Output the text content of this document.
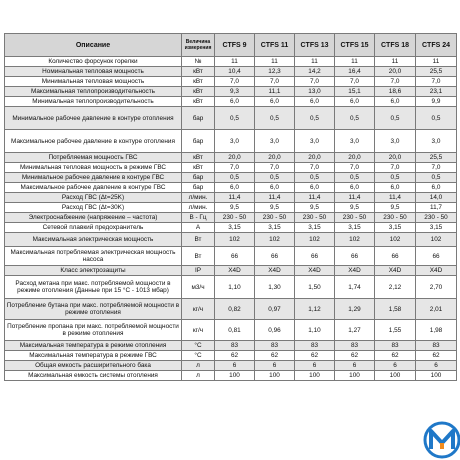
Описание	Величина измерения	CTFS 9	CTFS 11	CTFS 13	CTFS 15	CTFS 18	CTFS 24
Количество форсунок горелки	№	11	11	11	11	11	11
Номинальная тепловая мощность	кВт	10,4	12,3	14,2	16,4	20,0	25,5
Минимальная тепловая мощность	кВт	7,0	7,0	7,0	7,0	7,0	7,0
Максимальная теплопроизводительность	кВт	9,3	11,1	13,0	15,1	18,6	23,1
Минимальная теплопроизводительность	кВт	6,0	6,0	6,0	6,0	6,0	9,9
Минимальное рабочее давление в контуре отопления	бар	0,5	0,5	0,5	0,5	0,5	0,5
Максимальное рабочее давление в контуре отопления	бар	3,0	3,0	3,0	3,0	3,0	3,0
Потребляемая мощность ГВС	кВт	20,0	20,0	20,0	20,0	20,0	25,5
Минимальная тепловая мощность в режиме ГВС	кВт	7,0	7,0	7,0	7,0	7,0	7,0
Минимальное рабочее давление в контуре ГВС	бар	0,5	0,5	0,5	0,5	0,5	0,5
Максимальное рабочее давление в контуре ГВС	бар	6,0	6,0	6,0	6,0	6,0	6,0
Расход ГВС (Δt=25K)	л/мин.	11,4	11,4	11,4	11,4	11,4	14,0
Расход ГВС (Δt=30K)	л/мин.	9,5	9,5	9,5	9,5	9,5	11,7
Электроснабжение (напряжение – частота)	В - Гц	230 - 50	230 - 50	230 - 50	230 - 50	230 - 50	230 - 50
Сетевой плавкий предохранитель	А	3,15	3,15	3,15	3,15	3,15	3,15
Максимальная электрическая мощность	Вт	102	102	102	102	102	102
Максимальная потребляемая электрическая мощность насоса	Вт	66	66	66	66	66	66
Класс электрозащиты	IP	X4D	X4D	X4D	X4D	X4D	X4D
Расход метана при макс. потребляемой мощности в режиме отопления (Данные при 15 °C - 1013 мбар)	м3/ч	1,10	1,30	1,50	1,74	2,12	2,70
Потребление бутана при макс. потребляемой мощности в режиме отопления	кг/ч	0,82	0,97	1,12	1,29	1,58	2,01
Потребление пропана при макс. потребляемой мощности в режиме отопления	кг/ч	0,81	0,96	1,10	1,27	1,55	1,98
Максимальная температура в режиме отопления	°C	83	83	83	83	83	83
Максимальная температура в режиме ГВС	°C	62	62	62	62	62	62
Общая емкость расширительного бака	л	6	6	6	6	6	6
Максимальная емкость системы отопления	л	100	100	100	100	100	100
